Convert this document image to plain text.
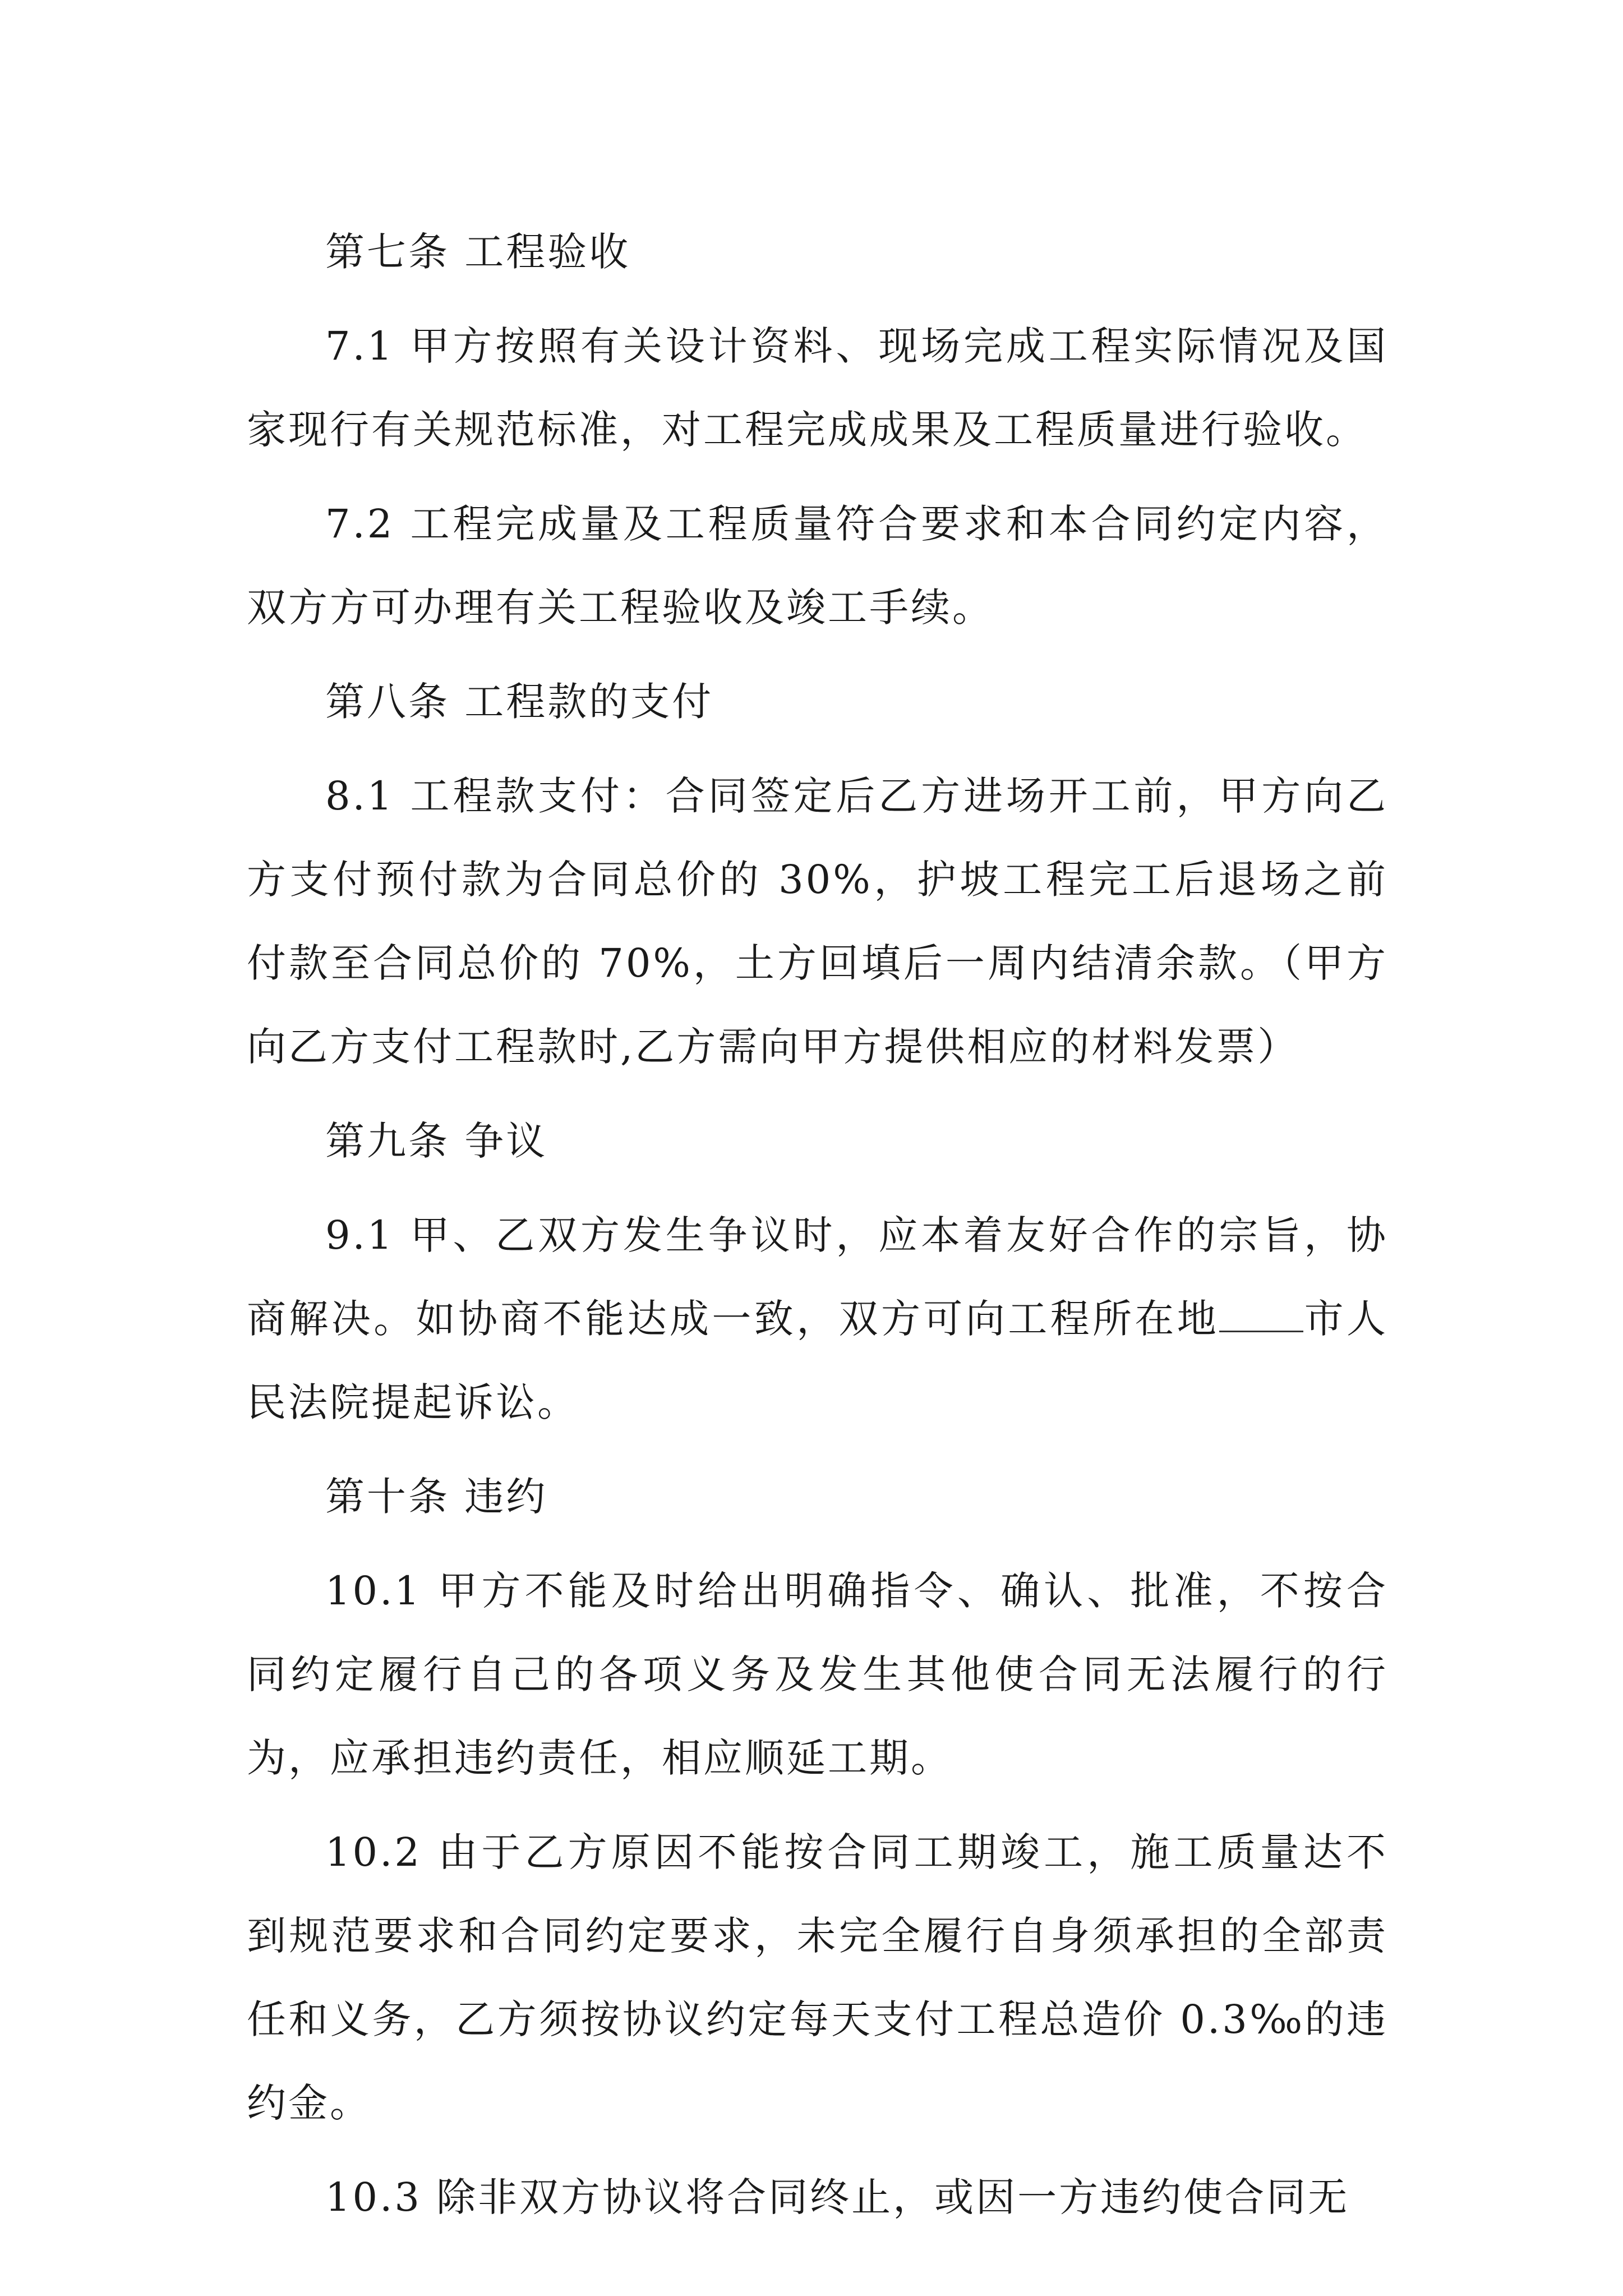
第七条 工程验收

7.1 甲方按照有关设计资料、现场完成工程实际情况及国家现行有关规范标准，对工程完成成果及工程质量进行验收。

7.2 工程完成量及工程质量符合要求和本合同约定内容，双方方可办理有关工程验收及竣工手续。

第八条 工程款的支付

8.1 工程款支付：合同签定后乙方进场开工前，甲方向乙方支付预付款为合同总价的 30%，护坡工程完工后退场之前付款至合同总价的 70%，土方回填后一周内结清余款。（甲方向乙方支付工程款时,乙方需向甲方提供相应的材料发票）

第九条 争议

9.1 甲、乙双方发生争议时，应本着友好合作的宗旨，协商解决。如协商不能达成一致，双方可向工程所在地 市人民法院提起诉讼。

第十条 违约

10.1 甲方不能及时给出明确指令、确认、批准，不按合同约定履行自己的各项义务及发生其他使合同无法履行的行为，应承担违约责任，相应顺延工期。

10.2 由于乙方原因不能按合同工期竣工，施工质量达不到规范要求和合同约定要求，未完全履行自身须承担的全部责任和义务，乙方须按协议约定每天支付工程总造价 0.3‰的违约金。

10.3 除非双方协议将合同终止，或因一方违约使合同无
